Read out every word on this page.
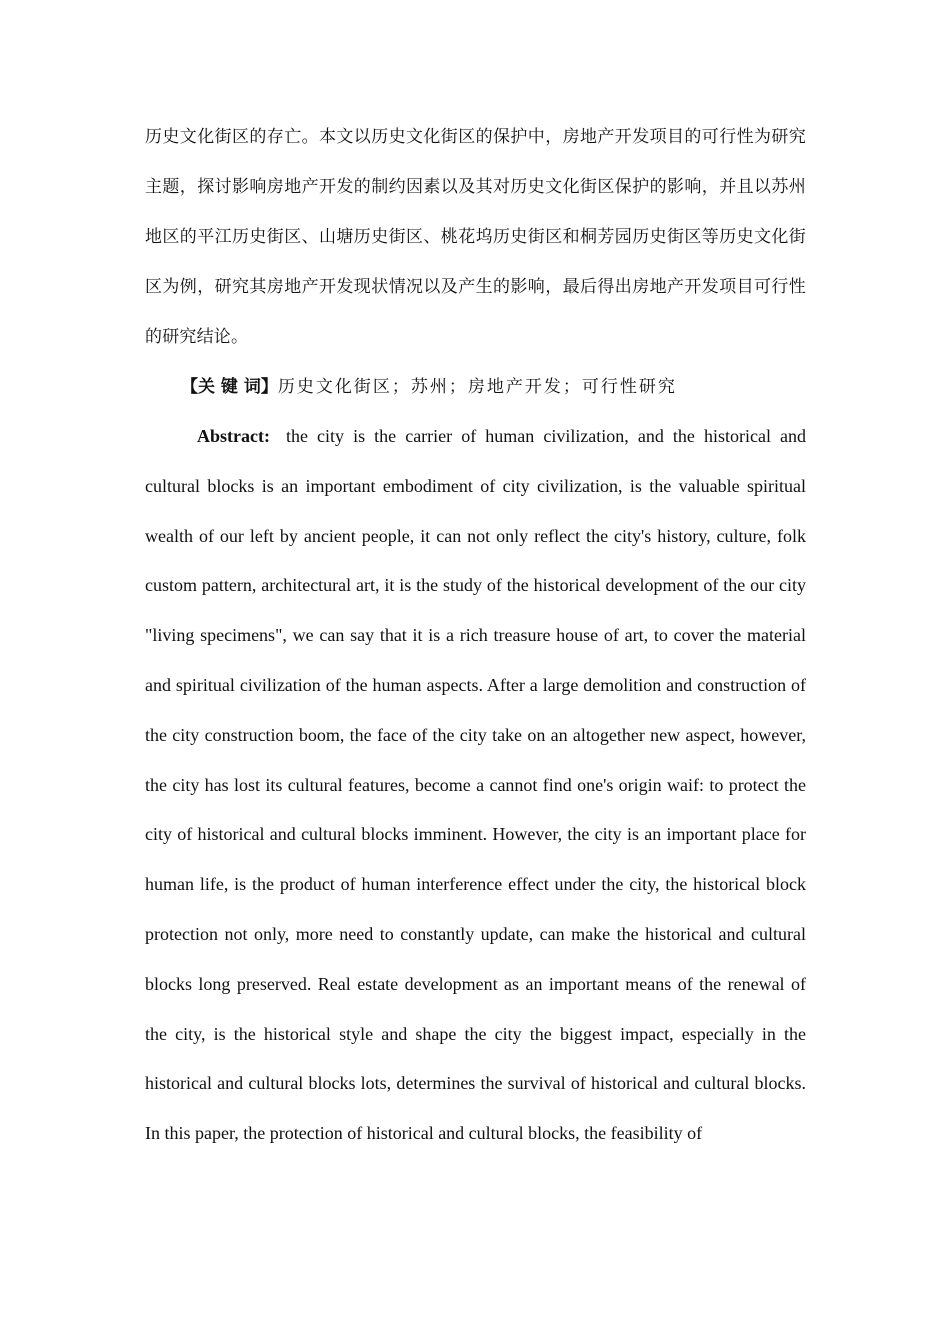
历史文化街区的存亡。本文以历史文化街区的保护中，房地产开发项目的可行性为研究主题，探讨影响房地产开发的制约因素以及其对历史文化街区保护的影响，并且以苏州地区的平江历史街区、山塘历史街区、桃花坞历史街区和桐芳园历史街区等历史文化街区为例，研究其房地产开发现状情况以及产生的影响，最后得出房地产开发项目可行性的研究结论。

【关 键 词】历史文化街区；苏州；房地产开发；可行性研究

Abstract: the city is the carrier of human civilization, and the historical and cultural blocks is an important embodiment of city civilization, is the valuable spiritual wealth of our left by ancient people, it can not only reflect the city's history, culture, folk custom pattern, architectural art, it is the study of the historical development of the our city "living specimens", we can say that it is a rich treasure house of art, to cover the material and spiritual civilization of the human aspects. After a large demolition and construction of the city construction boom, the face of the city take on an altogether new aspect, however, the city has lost its cultural features, become a cannot find one's origin waif: to protect the city of historical and cultural blocks imminent. However, the city is an important place for human life, is the product of human interference effect under the city, the historical block protection not only, more need to constantly update, can make the historical and cultural blocks long preserved. Real estate development as an important means of the renewal of the city, is the historical style and shape the city the biggest impact, especially in the historical and cultural blocks lots, determines the survival of historical and cultural blocks. In this paper, the protection of historical and cultural blocks, the feasibility of
